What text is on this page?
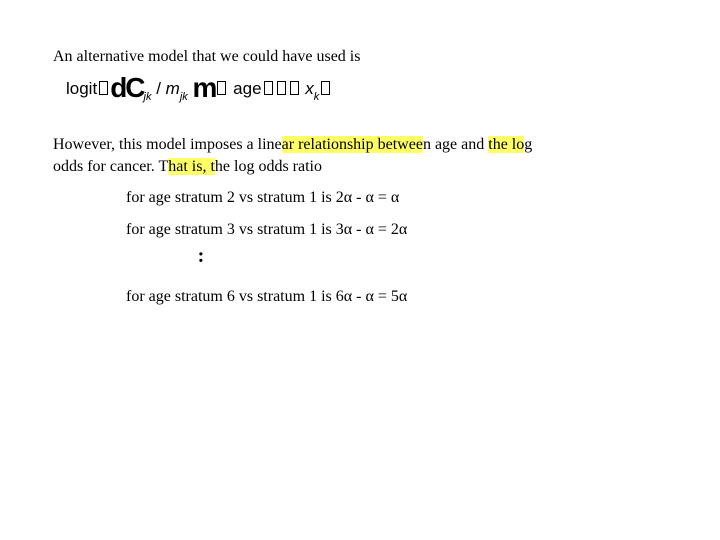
An alternative model that we could have used is
logit $dC_{jk} / m_{jk}$ m age	$x_k$
However, this model imposes a linear relationship between age and the log
odds for cancer. That is, the log odds ratio
for age stratum 2 vs stratum 1 is 2α - α = α
for age stratum 3 vs stratum 1 is 3α - α = 2α
:
for age stratum 6 vs stratum 1 is 6α - α = 5α
